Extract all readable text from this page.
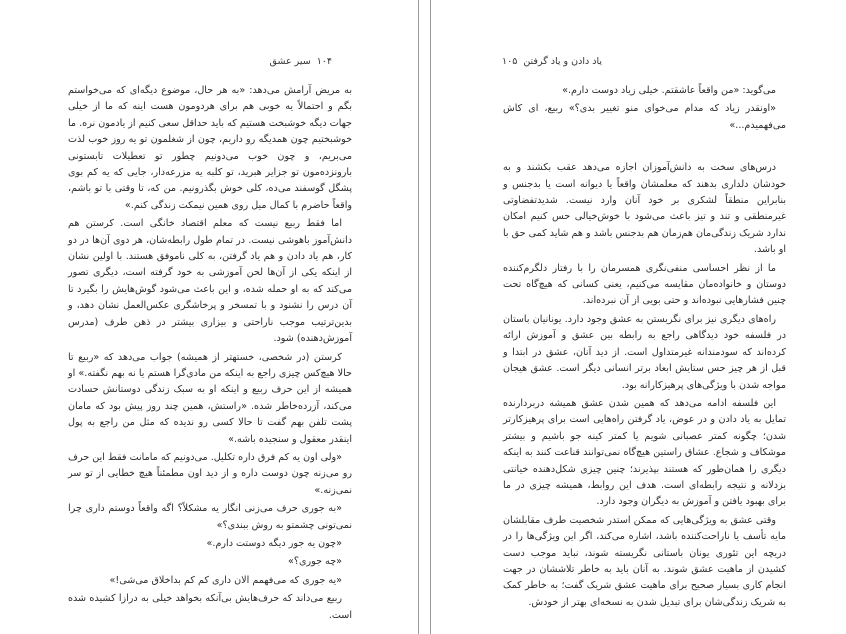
۱۰۴
سیر عشق

به مریض آرامش می‌دهد: «به هر حال، موضوع دیگه‌ای که می‌خواستم بگم و احتمالاً یه خوبی هم برای هردومون هست اینه که ما از خیلی جهات دیگه خوشبخت هستیم که باید حداقل سعی کنیم از یادمون نره. ما خوشبختیم چون همدیگه رو داریم، چون از شغلمون تو یه روز خوب لذت می‌بریم، و چون خوب می‌دونیم چطور تو تعطیلات تابستونی بارونزده‌مون تو جزایر هبرید، تو کلبه یه مزرعه‌دار، جایی که یه کم بوی پشگل گوسفند می‌ده، کلی خوش بگذرونیم. من که، تا وقتی با تو باشم، واقعاً حاضرم با کمال میل روی همین نیمکت زندگی کنم.»

اما فقط ربیع نیست که معلم اقتصاد خانگی است. کرستن هم دانش‌آموز باهوشی نیست. در تمام طول رابطه‌شان، هر دوی آن‌ها در دو کار، هم یاد دادن و هم یاد گرفتن، به کلی ناموفق هستند. با اولین نشان از اینکه یکی از آن‌ها لحن آموزشی به خود گرفته است، دیگری تصور می‌کند که به او حمله شده، و این باعث می‌شود گوش‌هایش را بگیرد تا آن درس را نشنود و با تمسخر و پرخاشگری عکس‌العمل نشان دهد، و بدین‌ترتیب موجب ناراحتی و بیزاری بیشتر در ذهن طرف (مدرس آموزش‌دهنده) شود.

کرستن (در شخصی، خستهتر از همیشه) جواب می‌دهد که «ربیع تا حالا هیچ‌کس چیزی راجع به اینکه من مادی‌گرا هستم یا نه بهم نگفته.» او همیشه از این حرف ربیع و اینکه او به سبک زندگی دوستانش حسادت می‌کند، آزرده‌خاطر شده. «راستش، همین چند روز پیش بود که مامان پشت تلفن بهم گفت تا حالا کسی رو ندیده که مثل من راجع به پول اینقدر معقول و سنجیده باشه.»

«ولی اون یه کم فرق داره تکلیل. می‌دونیم که مامانت فقط این حرف رو می‌زنه چون دوست داره و از دید اون مطمئناً هیچ خطایی از تو سر نمی‌زنه.»

«به جوری حرف می‌زنی انگار یه مشکلاً؟ اگه واقعاً دوستم داری چرا نمی‌تونی چشمتو به روش ببندی؟»

«چون یه جور دیگه دوستت دارم.»

«چه جوری؟»

«یه جوری که می‌فهمم الان داری کم کم بداخلاق می‌شی!»

ربیع می‌داند که حرف‌هایش بی‌آنکه بخواهد خیلی به درازا کشیده شده است.

یاد دادن و یاد گرفتن
۱۰۵

می‌گوید: «من واقعاً عاشقتم. خیلی زیاد دوست دارم.»

«اونقدر زیاد که مدام می‌خوای منو تغییر بدی؟» ربیع، ای کاش می‌فهمیدم...»

درس‌های سخت به دانش‌آموزان اجازه می‌دهد عقب بکشند و به خودشان دلداری بدهند که معلمشان واقعاً یا دیوانه است یا بدجنس و بنابراین منطقاً لشکری بر خود آنان وارد نیست. شدیدتفضاوتی غیرمنطقی و تند و تیز باعث می‌شود با خوش‌خیالی حس کنیم امکان ندارد شریک زندگی‌مان هم‌زمان هم بدجنس باشد و هم شاید کمی حق با او باشد.

ما از نظر احساسی منفی‌نگری همسرمان را با رفتار دلگرم‌کننده دوستان و خانواده‌مان مقایسه می‌کنیم، یعنی کسانی که هیچ‌گاه تحت چنین فشارهایی نبوده‌اند و حتی بویی از آن نبرده‌اند.

راه‌های دیگری نیز برای نگریستن به عشق وجود دارد. یونانیان باستان در فلسفه خود دیدگاهی راجع به رابطه بین عشق و آموزش ارائه کرده‌اند که سودمندانه غیرمتداول است. از دید آنان، عشق در ابتدا و قبل از هر چیز حس ستایش ابعاد برتر انسانی دیگر است. عشق هیجان مواجه شدن با ویژگی‌های پرهیزکارانه بود.

این فلسفه ادامه می‌دهد که همین شدن عشق همیشه دربردارنده تمایل به یاد دادن و در عوض، یاد گرفتن راه‌هایی است برای پرهیزکارتر شدن؛ چگونه کمتر عصبانی شویم یا کمتر کینه جو باشیم و بیشتر موشکاف و شجاع. عشاق راستین هیچ‌گاه نمی‌توانند قناعت کنند به اینکه دیگری را همان‌طور که هستند بپذیرند؛ چنین چیزی شکل‌دهنده خیانتی بزدلانه و نتیجه رابطه‌ای است. هدف این روابط، همیشه چیزی در ما برای بهبود یافتن و آموزش به دیگران وجود دارد.

وقتی عشق به ویژگی‌هایی که ممکن استدر شخصیت طرف مقابلشان مایه تأسف یا ناراحت‌کننده باشد، اشاره می‌کند، اگر این ویژگی‌ها را در دریچه این تئوری یونان باستانی نگریسته شوند، نباید موجب دست کشیدن از ماهیت عشق شوند. به آنان باید به خاطر تلاششان در جهت انجام کاری بسیار صحیح برای ماهیت عشق شریک گفت؛ به خاطر کمک به شریک زندگی‌شان برای تبدیل شدن به نسخه‌ای بهتر از خودش.
